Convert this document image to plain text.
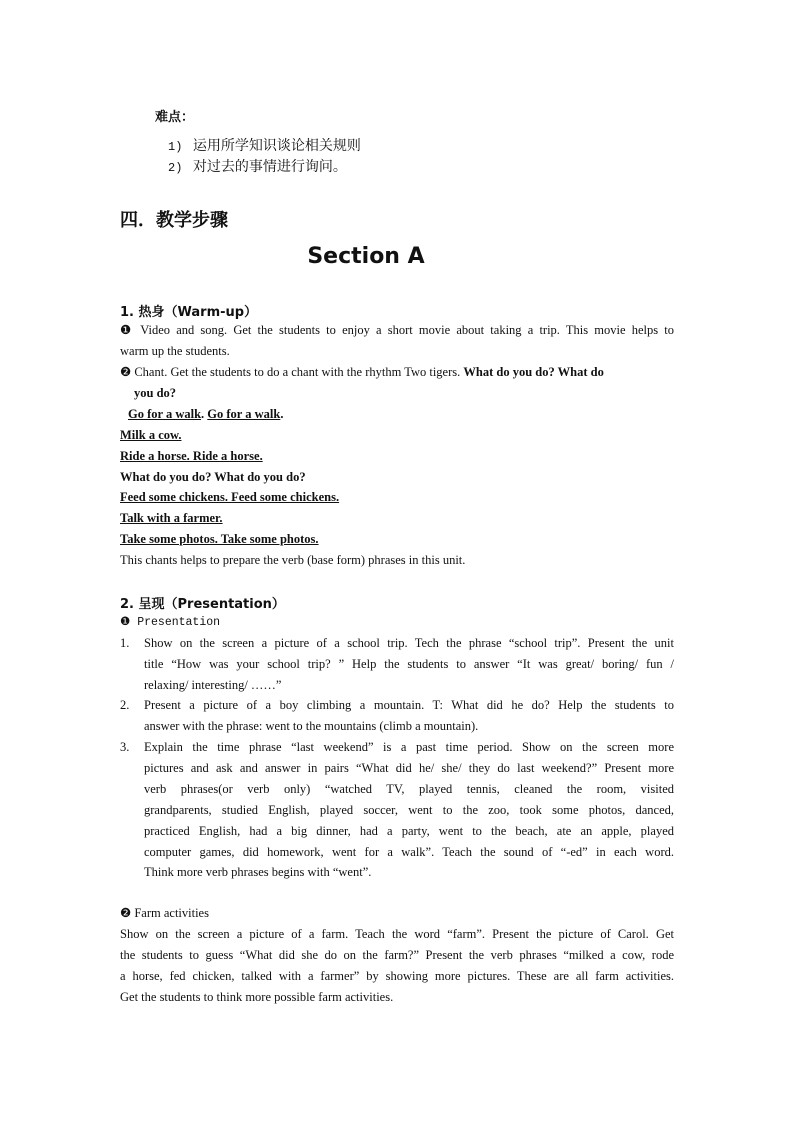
难点：
1) 运用所学知识谈论相关规则
2) 对过去的事情进行询问。
四．教学步骤
Section A
1. 热身（Warm-up）
❶ Video and song. Get the students to enjoy a short movie about taking a trip. This movie helps to
warm up the students.
❷ Chant. Get the students to do a chant with the rhythm Two tigers. What do you do? What do
you do?
Go for a walk. Go for a walk.
Milk a cow.
Ride a horse. Ride a horse.
What do you do? What do you do?
Feed some chickens. Feed some chickens.
Talk with a farmer.
Take some photos. Take some photos.
This chants helps to prepare the verb (base form) phrases in this unit.
2. 呈现（Presentation）
❶ Presentation
1. Show on the screen a picture of a school trip. Tech the phrase “school trip”. Present the unit
title “How was your school trip? ” Help the students to answer “It was great/ boring/ fun /
relaxing/ interesting/ ……”
2. Present a picture of a boy climbing a mountain. T: What did he do? Help the students to
answer with the phrase: went to the mountains (climb a mountain).
3. Explain the time phrase “last weekend” is a past time period. Show on the screen more
pictures and ask and answer in pairs “What did he/ she/ they do last weekend?” Present more
verb phrases(or verb only) “watched TV, played tennis, cleaned the room, visited
grandparents, studied English, played soccer, went to the zoo, took some photos, danced,
practiced English, had a big dinner, had a party, went to the beach, ate an apple, played
computer games, did homework, went for a walk”. Teach the sound of “-ed” in each word.
Think more verb phrases begins with “went”.
❷ Farm activities
Show on the screen a picture of a farm. Teach the word “farm”. Present the picture of Carol. Get
the students to guess “What did she do on the farm?” Present the verb phrases “milked a cow, rode
a horse, fed chicken, talked with a farmer” by showing more pictures. These are all farm activities.
Get the students to think more possible farm activities.
